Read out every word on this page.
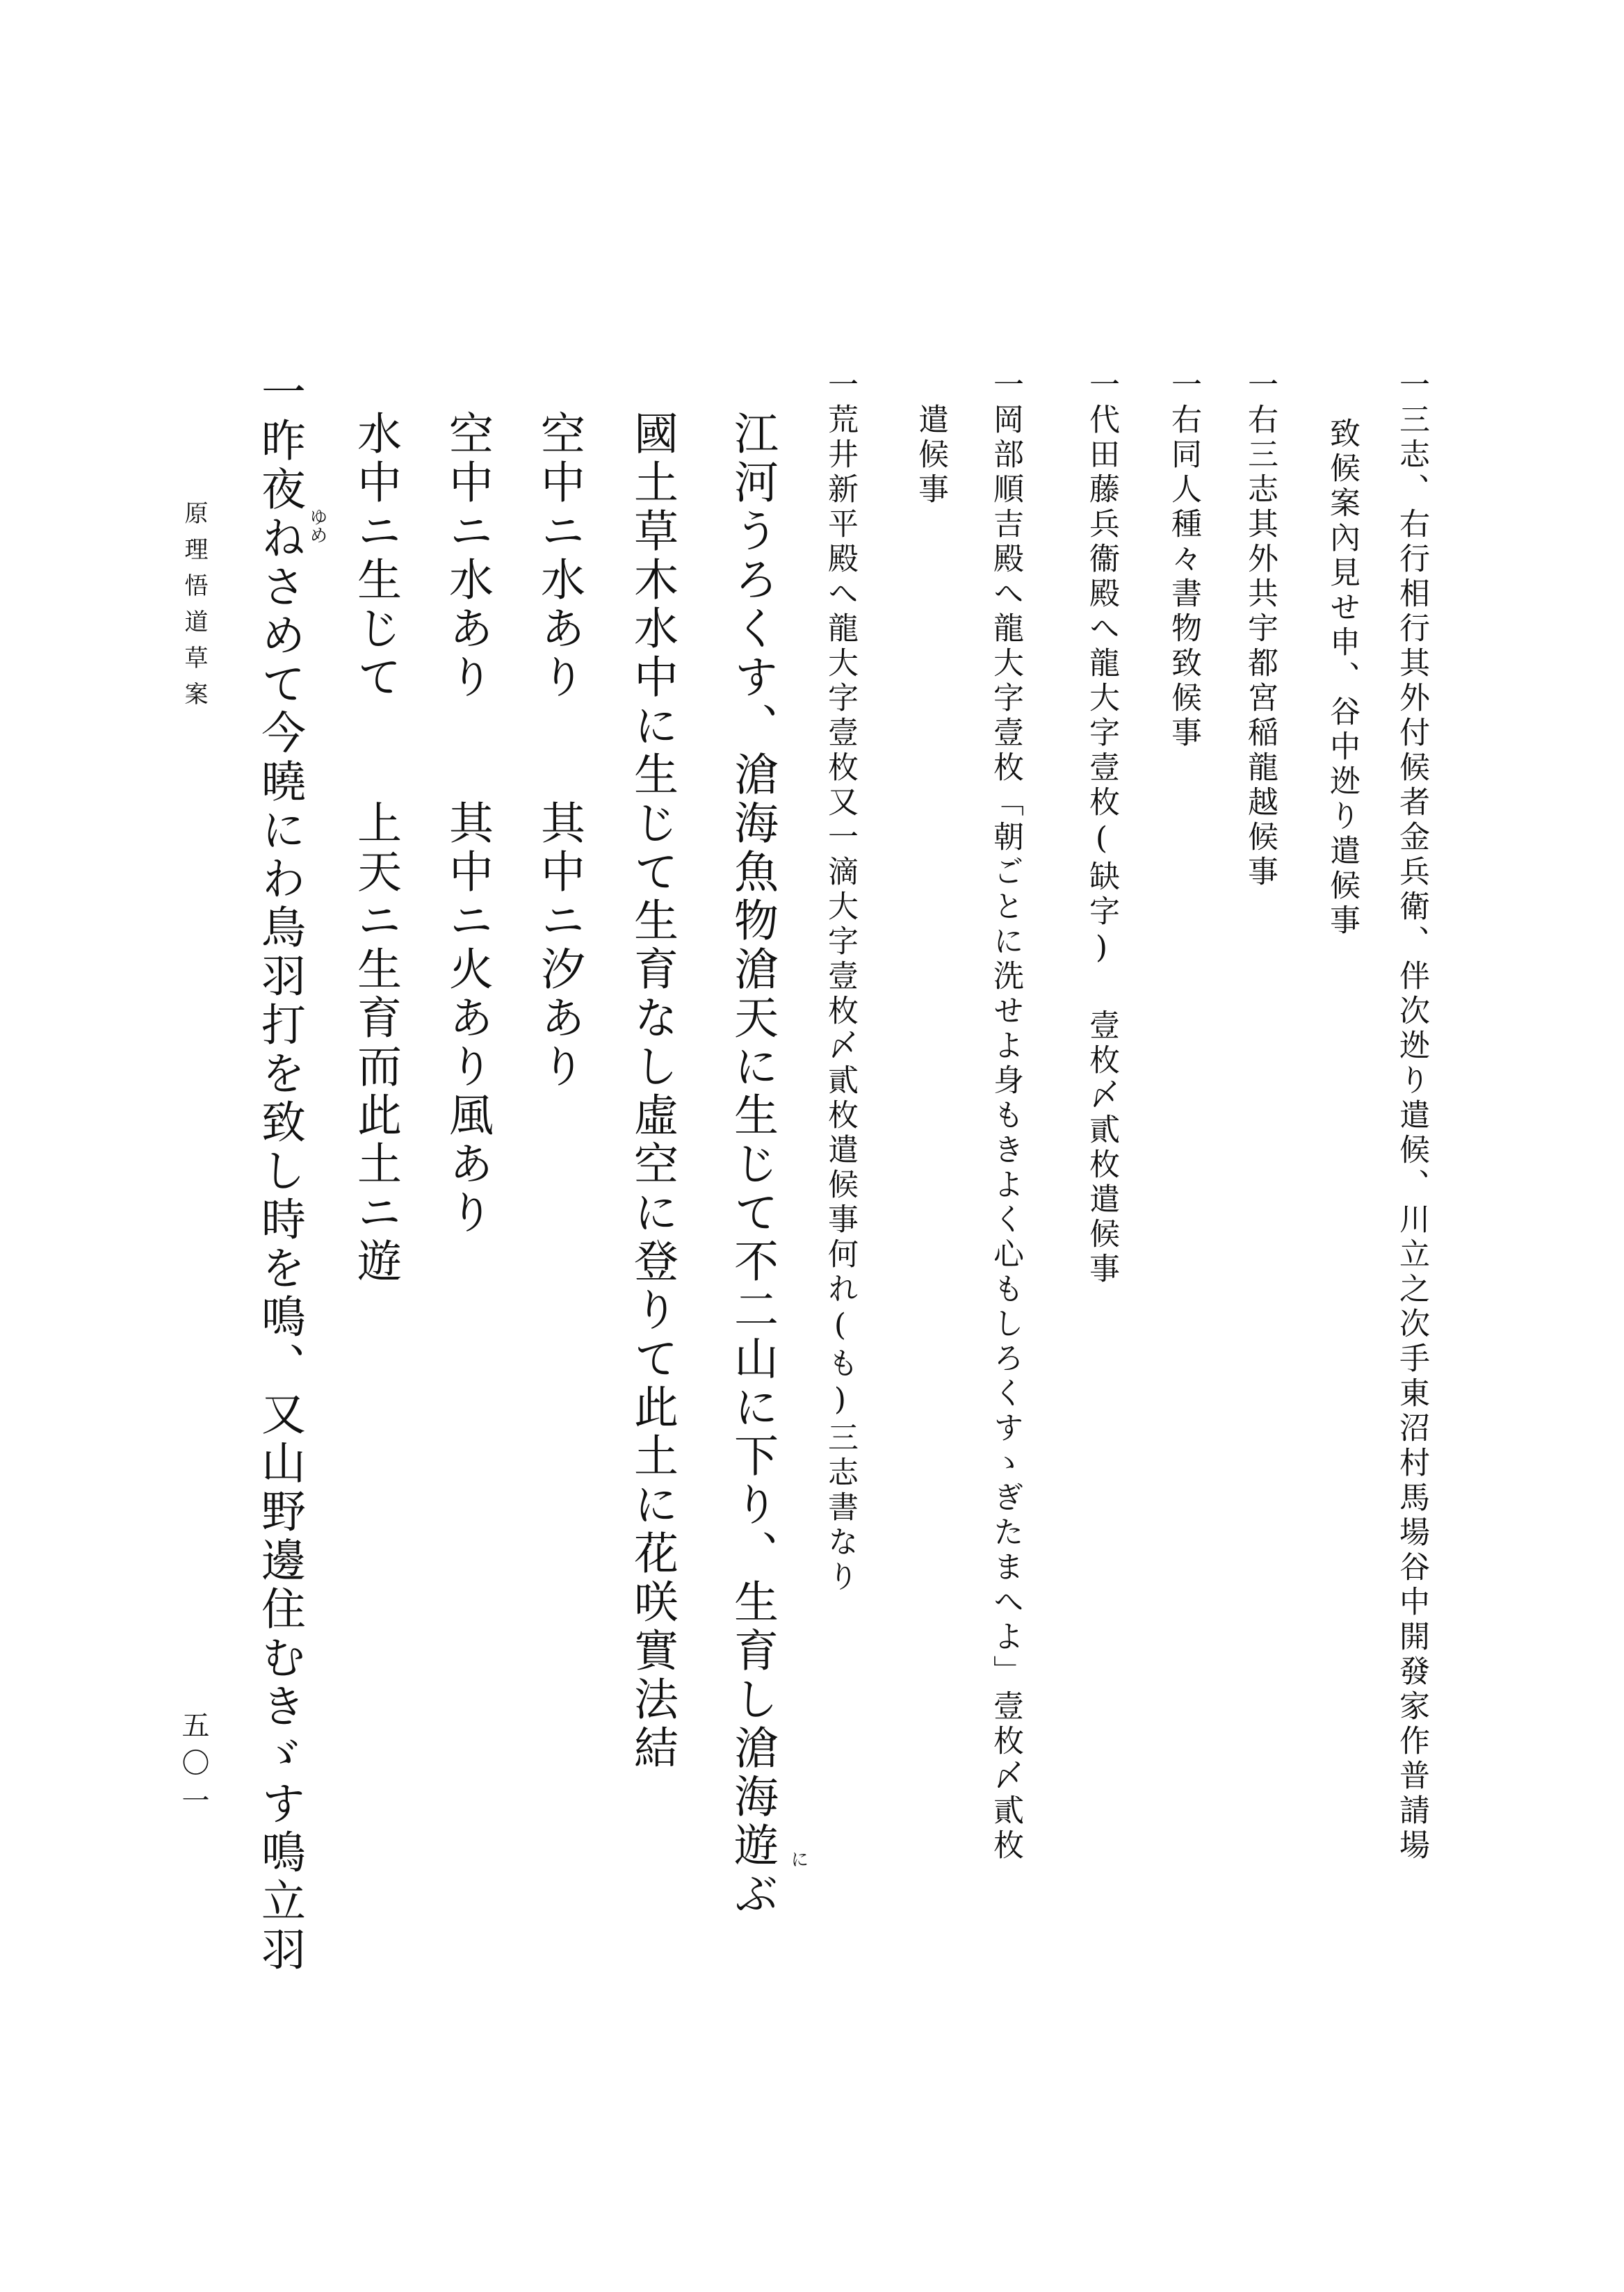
一三志、右行相行其外付候者金兵衛、伴次迯り遣候、川立之次手東沼村馬場谷中開發家作普請場
致候案內見せ申、谷中迯り遣候事
一右三志其外共宇都宮稲龍越候事
一右同人種々書物致候事
一代田藤兵衞殿へ龍大字壹枚(缺字) 壹枚〆貳枚遣候事
一岡部順吉殿へ龍大字壹枚「朝ごとに洗せよ身もきよく心もしろくすゝぎたまへよ」壹枚〆貳枚
遣候事
一荒井新平殿へ龍大字壹枚又一滴大字壹枚〆貳枚遣候事何れ(も)三志書なり
江河うろくす、滄海魚物滄天に生じて不二山に下り、生育し滄海遊ぶ に
國土草木水中に生じて生育なし虛空に登りて此土に花咲實法結
空中ニ水あり　　其中ニ汐あり
空中ニ水あり　　其中ニ火あり風あり
水中ニ生じて　　上天ニ生育而此土ニ遊
一昨夜ねさめて今曉にわ鳥羽打を致し時を鳴、又山野邊住むきゞす鳴立羽 ゆめ
原理悟道草案
五〇一
